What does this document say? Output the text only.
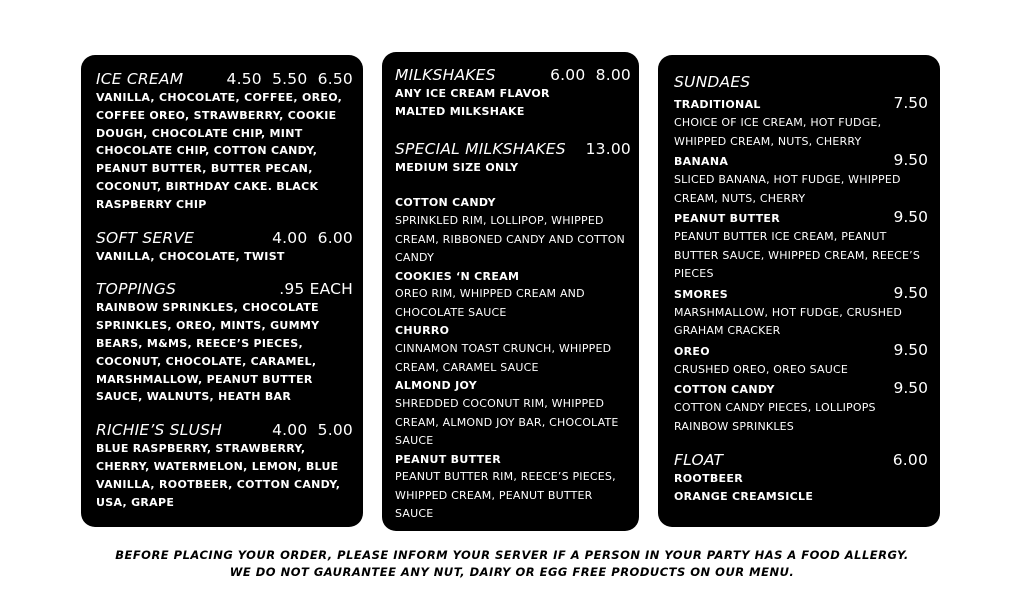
ICE CREAM	4.50  5.50  6.50
VANILLA, CHOCOLATE, COFFEE, OREO, COFFEE OREO, STRAWBERRY, COOKIE DOUGH, CHOCOLATE CHIP, MINT CHOCOLATE CHIP, COTTON CANDY, PEANUT BUTTER, BUTTER PECAN, COCONUT, BIRTHDAY CAKE. BLACK RASPBERRY CHIP
SOFT SERVE	4.00  6.00
VANILLA, CHOCOLATE, TWIST
TOPPINGS	.95 EACH
RAINBOW SPRINKLES, CHOCOLATE SPRINKLES, OREO, MINTS, GUMMY BEARS, M&MS, REECE’S PIECES, COCONUT, CHOCOLATE, CARAMEL, MARSHMALLOW, PEANUT BUTTER SAUCE, WALNUTS, HEATH BAR
RICHIE’S SLUSH	4.00  5.00
BLUE RASPBERRY, STRAWBERRY, CHERRY, WATERMELON, LEMON, BLUE VANILLA, ROOTBEER, COTTON CANDY, USA, GRAPE
MILKSHAKES	6.00  8.00
ANY ICE CREAM FLAVOR
MALTED MILKSHAKE
SPECIAL MILKSHAKES 13.00
MEDIUM SIZE ONLY
COTTON CANDY
SPRINKLED RIM, LOLLIPOP, WHIPPED CREAM, RIBBONED CANDY AND COTTON CANDY
COOKIES ‘N CREAM
OREO RIM, WHIPPED CREAM AND CHOCOLATE SAUCE
CHURRO
CINNAMON TOAST CRUNCH, WHIPPED CREAM, CARAMEL SAUCE
ALMOND JOY
SHREDDED COCONUT RIM, WHIPPED CREAM, ALMOND JOY BAR, CHOCOLATE SAUCE
PEANUT BUTTER
PEANUT BUTTER RIM, REECE’S PIECES, WHIPPED CREAM, PEANUT BUTTER SAUCE
SUNDAES
TRADITIONAL	7.50
CHOICE OF ICE CREAM, HOT FUDGE, WHIPPED CREAM, NUTS, CHERRY
BANANA	9.50
SLICED BANANA, HOT FUDGE, WHIPPED CREAM, NUTS, CHERRY
PEANUT BUTTER	9.50
PEANUT BUTTER ICE CREAM, PEANUT BUTTER SAUCE, WHIPPED CREAM, REECE’S PIECES
SMORES	9.50
MARSHMALLOW, HOT FUDGE, CRUSHED GRAHAM CRACKER
OREO	9.50
CRUSHED OREO, OREO SAUCE
COTTON CANDY	9.50
COTTON CANDY PIECES, LOLLIPOPS RAINBOW SPRINKLES
FLOAT	6.00
ROOTBEER
ORANGE CREAMSICLE
BEFORE PLACING YOUR ORDER, PLEASE INFORM YOUR SERVER IF A PERSON IN YOUR PARTY HAS A FOOD ALLERGY.
WE DO NOT GAURANTEE ANY NUT, DAIRY OR EGG FREE PRODUCTS ON OUR MENU.
